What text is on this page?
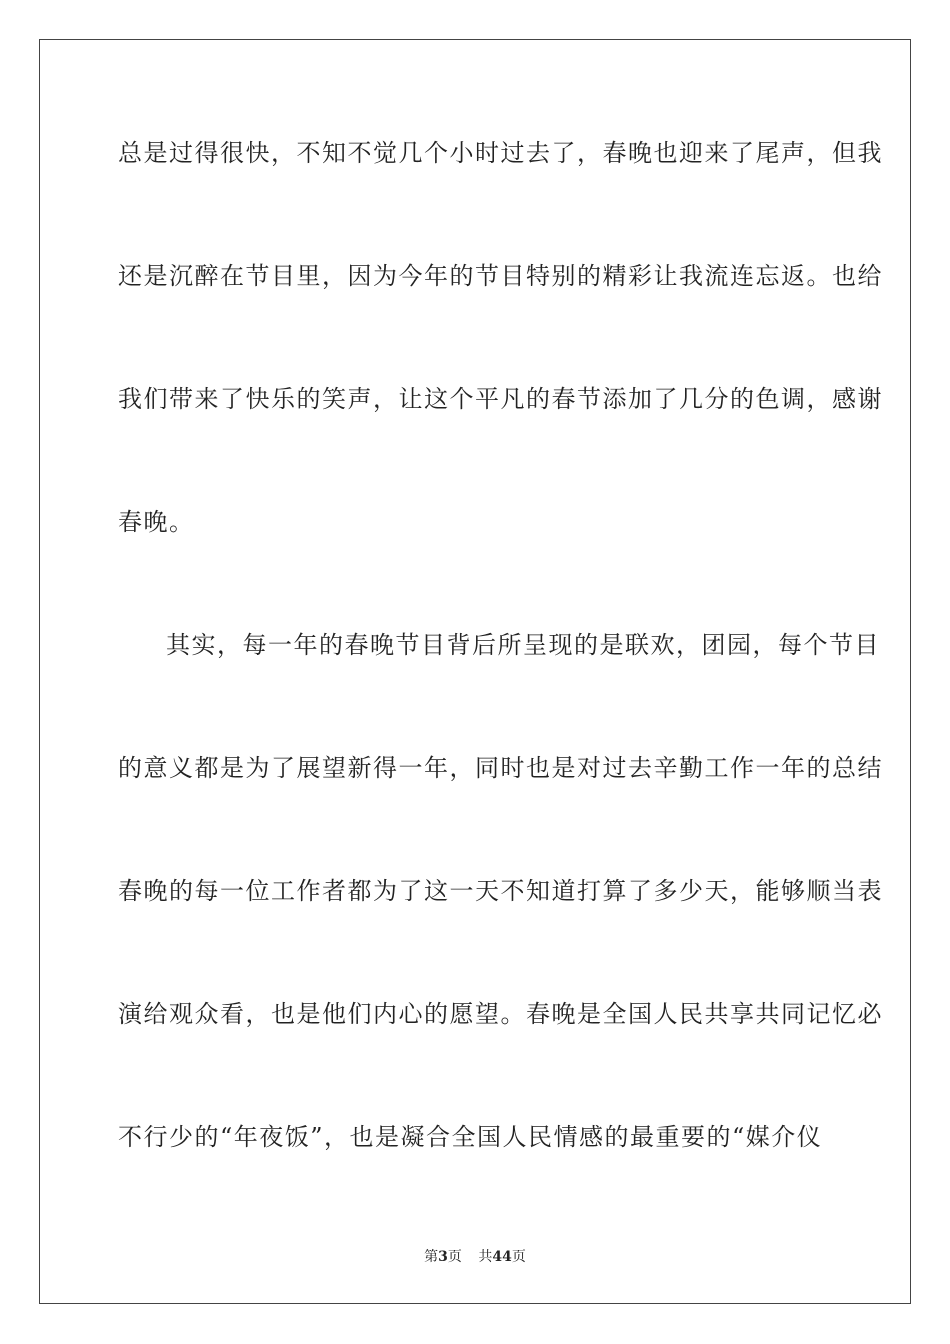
总是过得很快，不知不觉几个小时过去了，春晚也迎来了尾声，但我
还是沉醉在节目里，因为今年的节目特别的精彩让我流连忘返。也给
我们带来了快乐的笑声，让这个平凡的春节添加了几分的色调，感谢
春晚。
其实，每一年的春晚节目背后所呈现的是联欢，团园，每个节目
的意义都是为了展望新得一年，同时也是对过去辛勤工作一年的总结
春晚的每一位工作者都为了这一天不知道打算了多少天，能够顺当表
演给观众看，也是他们内心的愿望。春晚是全国人民共享共同记忆必
不行少的“年夜饭”，也是凝合全国人民情感的最重要的“媒介仪
第3页 共44页
